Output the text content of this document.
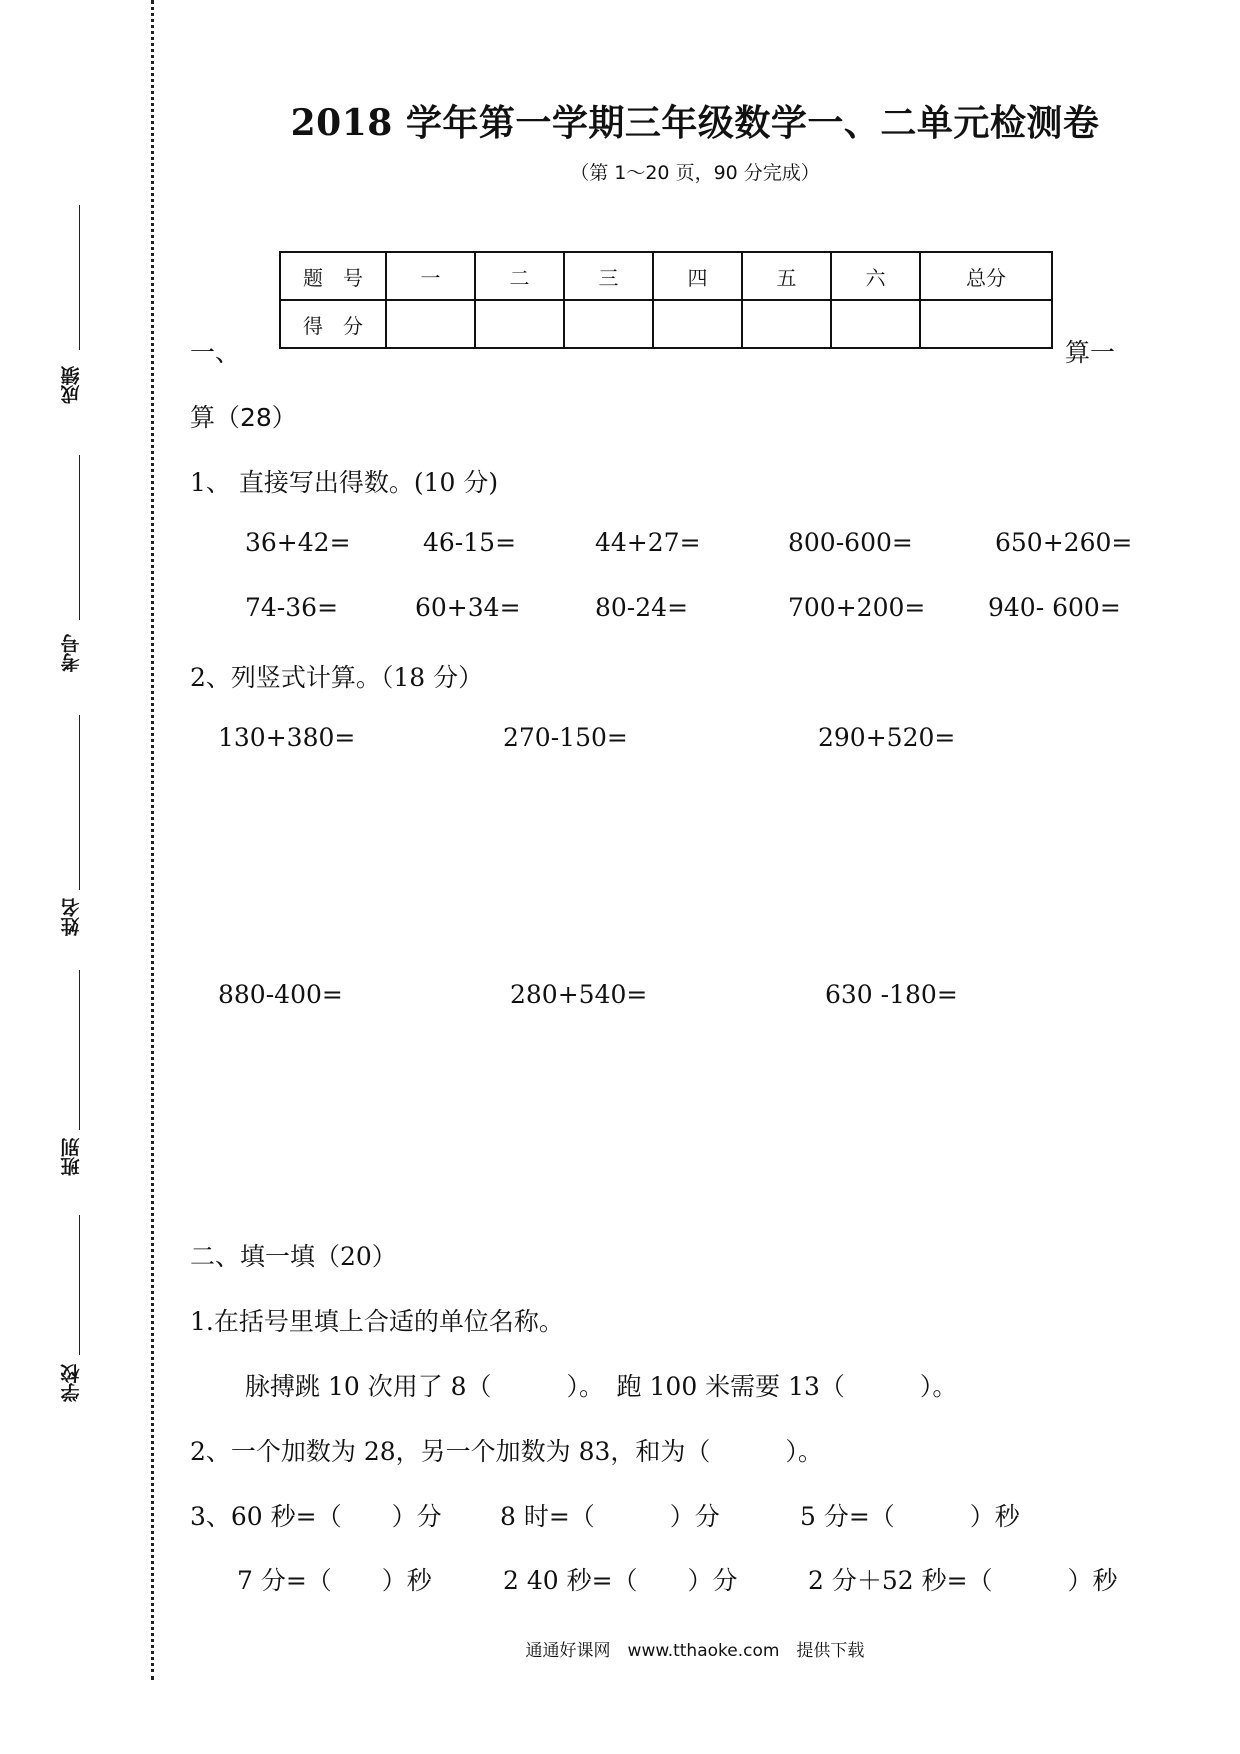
成绩
考号
姓名
班别
学校
2018 学年第一学期三年级数学一、二单元检测卷
（第 1～20 页，90 分完成）
题　号	一	二	三	四	五	六	总分
得　分							
一、	算一
算（28）
1、 直接写出得数。(10 分)
36+42=	46-15=	44+27=	800-600=	650+260=
74-36=	60+34=	80-24=	700+200=	940- 600=
2、列竖式计算。（18 分）
130+380=	270-150=	290+520=
880-400=	280+540=	630 -180=
二、填一填（20）
1.在括号里填上合适的单位名称。
脉搏跳 10 次用了 8（　　　）。　跑 100 米需要 13（　　　）。
2、一个加数为 28，另一个加数为 83，和为（　　　）。
3、60 秒=（　　）分 8 时=（　　　）分	5 分=（　　　）秒
7 分=（　　）秒	2 40 秒=（　　）分	2 分＋52 秒=（　　　）秒
通通好课网　www.tthaoke.com　提供下载
